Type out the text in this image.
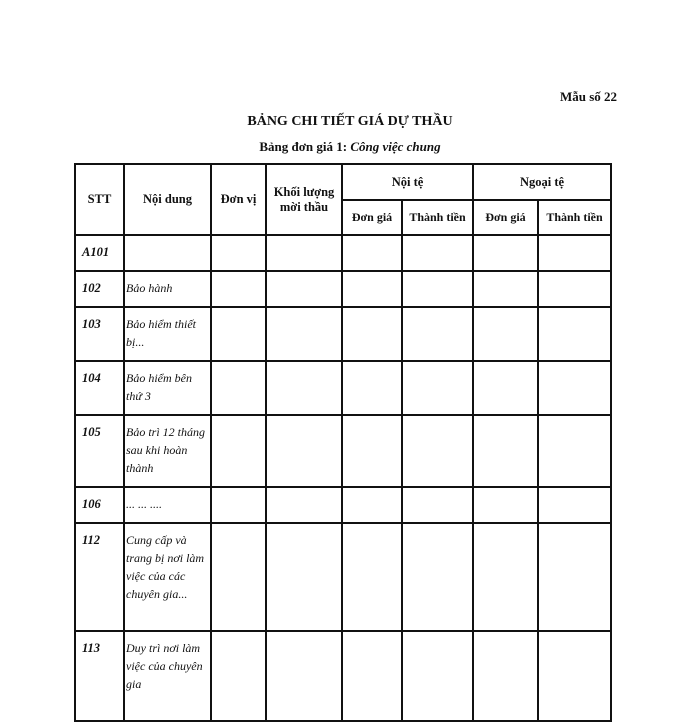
Mẫu số 22
BẢNG CHI TIẾT GIÁ DỰ THẦU
Bảng đơn giá 1: Công việc chung
STT	Nội dung	Đơn vị	Khối lượng mời thầu	Nội tệ		Ngoại tệ	
				Đơn giá	Thành tiền	Đơn giá	Thành tiền
A101							
102	Bảo hành						
103	Bảo hiểm thiết bị...						
104	Bảo hiểm bên thứ 3						
105	Bảo trì 12 tháng sau khi hoàn thành						
106	... ... ....						
112	Cung cấp và trang bị nơi làm việc của các chuyên gia...						
113	Duy trì nơi làm việc của chuyên gia						
